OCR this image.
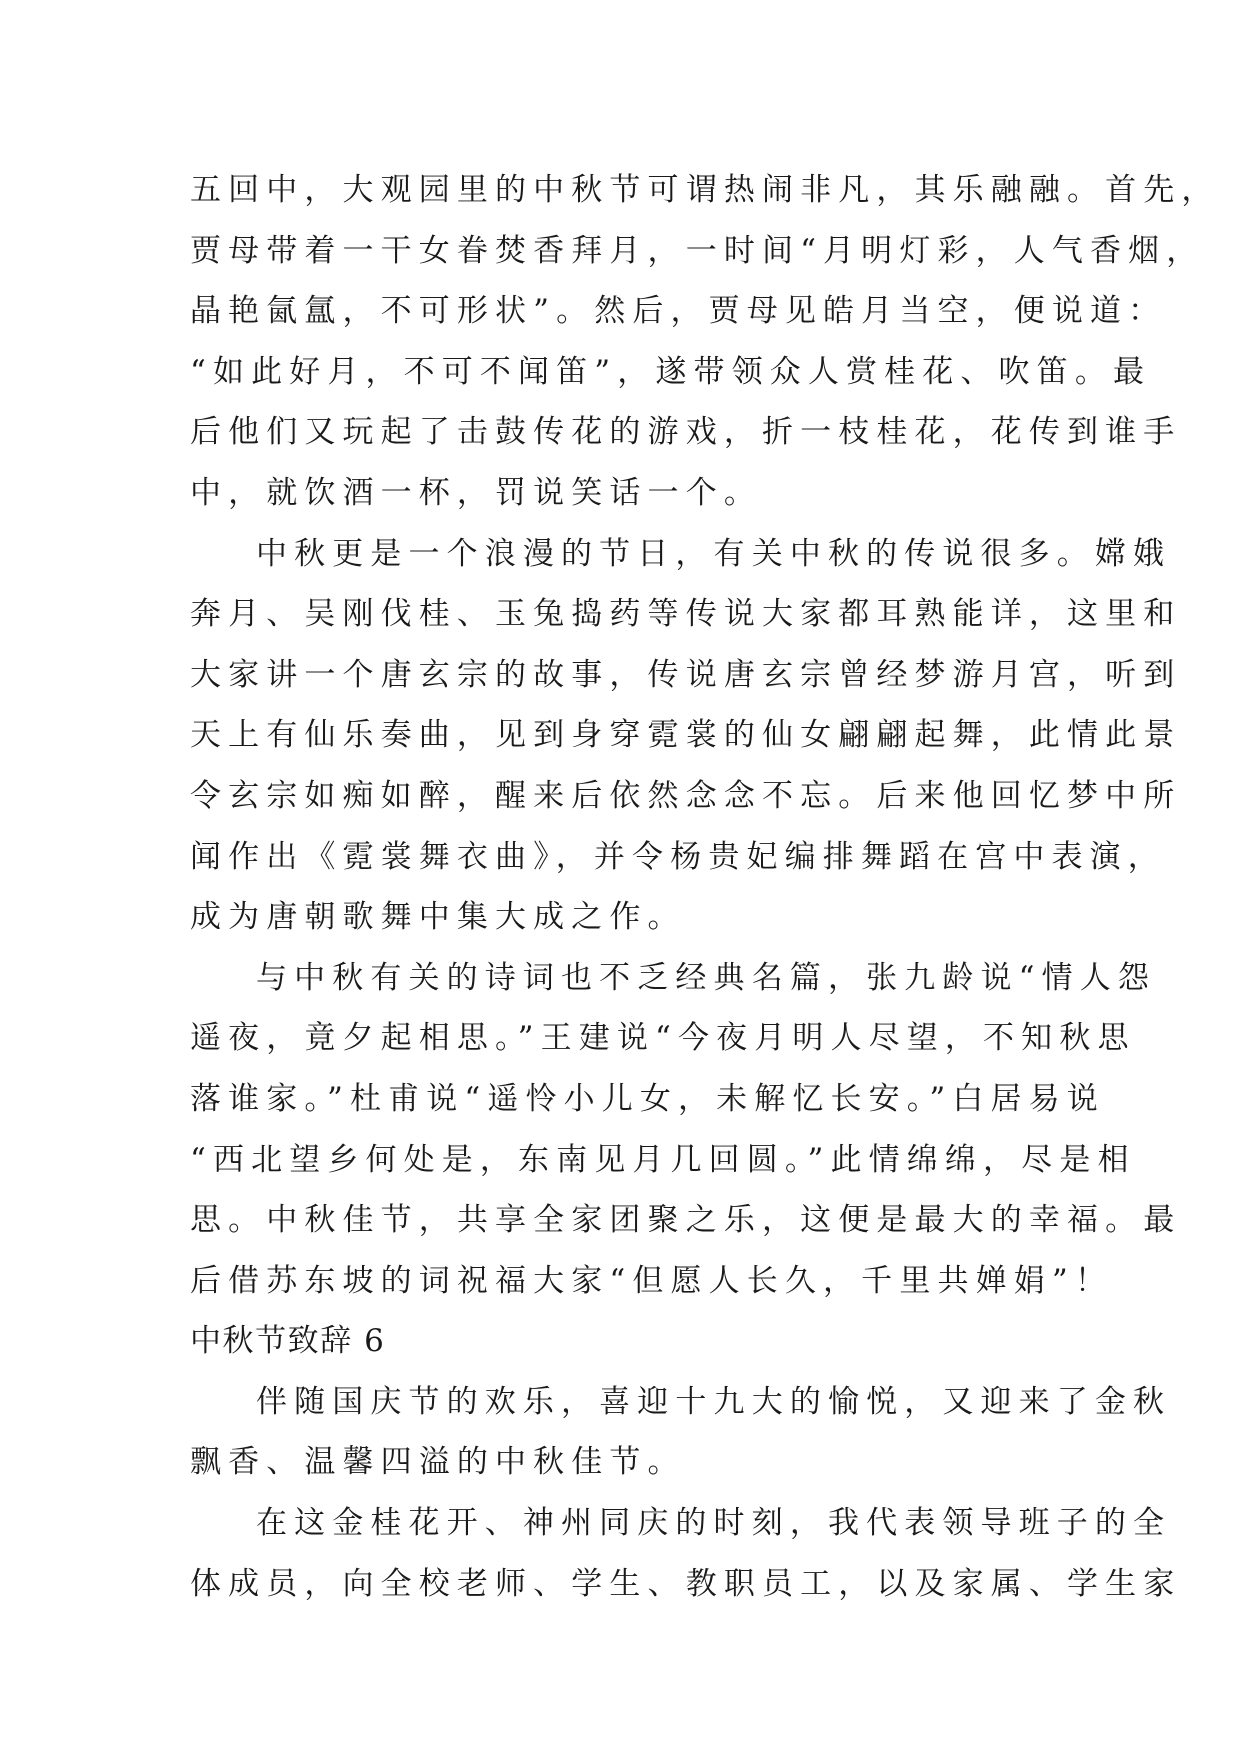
五回中，大观园里的中秋节可谓热闹非凡，其乐融融。首先，
贾母带着一干女眷焚香拜月，一时间“月明灯彩，人气香烟，
晶艳氤氲，不可形状”。然后，贾母见皓月当空，便说道：
“如此好月，不可不闻笛”，遂带领众人赏桂花、吹笛。最
后他们又玩起了击鼓传花的游戏，折一枝桂花，花传到谁手
中，就饮酒一杯，罚说笑话一个。
中秋更是一个浪漫的节日，有关中秋的传说很多。嫦娥
奔月、吴刚伐桂、玉兔捣药等传说大家都耳熟能详，这里和
大家讲一个唐玄宗的故事，传说唐玄宗曾经梦游月宫，听到
天上有仙乐奏曲，见到身穿霓裳的仙女翩翩起舞，此情此景
令玄宗如痴如醉，醒来后依然念念不忘。后来他回忆梦中所
闻作出《霓裳舞衣曲》，并令杨贵妃编排舞蹈在宫中表演，
成为唐朝歌舞中集大成之作。
与中秋有关的诗词也不乏经典名篇，张九龄说“情人怨
遥夜，竟夕起相思。”王建说“今夜月明人尽望，不知秋思
落谁家。”杜甫说“遥怜小儿女，未解忆长安。”白居易说
“西北望乡何处是，东南见月几回圆。”此情绵绵，尽是相
思。中秋佳节，共享全家团聚之乐，这便是最大的幸福。最
后借苏东坡的词祝福大家“但愿人长久，千里共婵娟”！
中秋节致辞 6
伴随国庆节的欢乐，喜迎十九大的愉悦，又迎来了金秋
飘香、温馨四溢的中秋佳节。
在这金桂花开、神州同庆的时刻，我代表领导班子的全
体成员，向全校老师、学生、教职员工，以及家属、学生家
